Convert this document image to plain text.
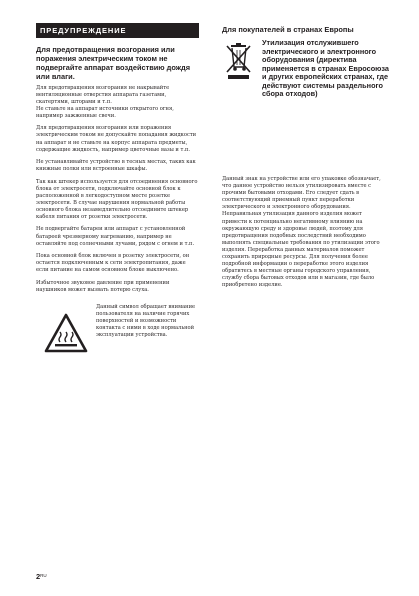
ПРЕДУПРЕЖДЕНИЕ
Для предотвращения возгорания или поражения электрическим током не подвергайте аппарат воздействию дождя или влаги.

Для предотвращения возгорания не накрывайте вентиляционные отверстия аппарата газетами, скатертями, шторами и т.п.

Не ставьте на аппарат источники открытого огня, например зажженные свечи.

Для предотвращения возгорания или поражения электрическим током не допускайте попадания жидкости на аппарат и не ставьте на корпус аппарата предметы, содержащие жидкость, например цветочные вазы и т.п.

Не устанавливайте устройство в тесных местах, таких как книжные полки или встроенные шкафы.

Так как штекер используется для отсоединения основного блока от электросети, подключайте основной блок к расположенной в легкодоступном месте розетке электросети. В случае нарушения нормальной работы основного блока незамедлительно отсоедините штекер кабеля питания от розетки электросети.

Не подвергайте батареи или аппарат с установленной батареей чрезмерному нагреванию, например не оставляйте под солнечными лучами, рядом с огнем и т.п.

Пока основной блок включен в розетку электросети, он остается подключенным к сети электропитания, даже если питание на самом основном блоке выключено.

Избыточное звуковое давление при применении наушников может вызвать потерю слуха.

Данный символ обращает внимание пользователя на наличие горячих поверхностей и возможности контакта с ними в ходе нормальной эксплуатации устройства.

Для покупателей в странах Европы
Утилизация отслужившего электрического и электронного оборудования (директива применяется в странах Евросоюза и других европейских странах, где действуют системы раздельного сбора отходов)
Данный знак на устройстве или его упаковке обозначает, что данное устройство нельзя утилизировать вместе с прочими бытовыми отходами. Его следует сдать в соответствующий приемный пункт переработки электрического и электронного оборудования. Неправильная утилизация данного изделия может привести к потенциально негативному влиянию на окружающую среду и здоровье людей, поэтому для предотвращения подобных последствий необходимо выполнять специальные требования по утилизации этого изделия. Переработка данных материалов поможет сохранить природные ресурсы. Для получения более подробной информации о переработке этого изделия обратитесь в местные органы городского управления, службу сбора бытовых отходов или в магазин, где было приобретено изделие.
2RU
